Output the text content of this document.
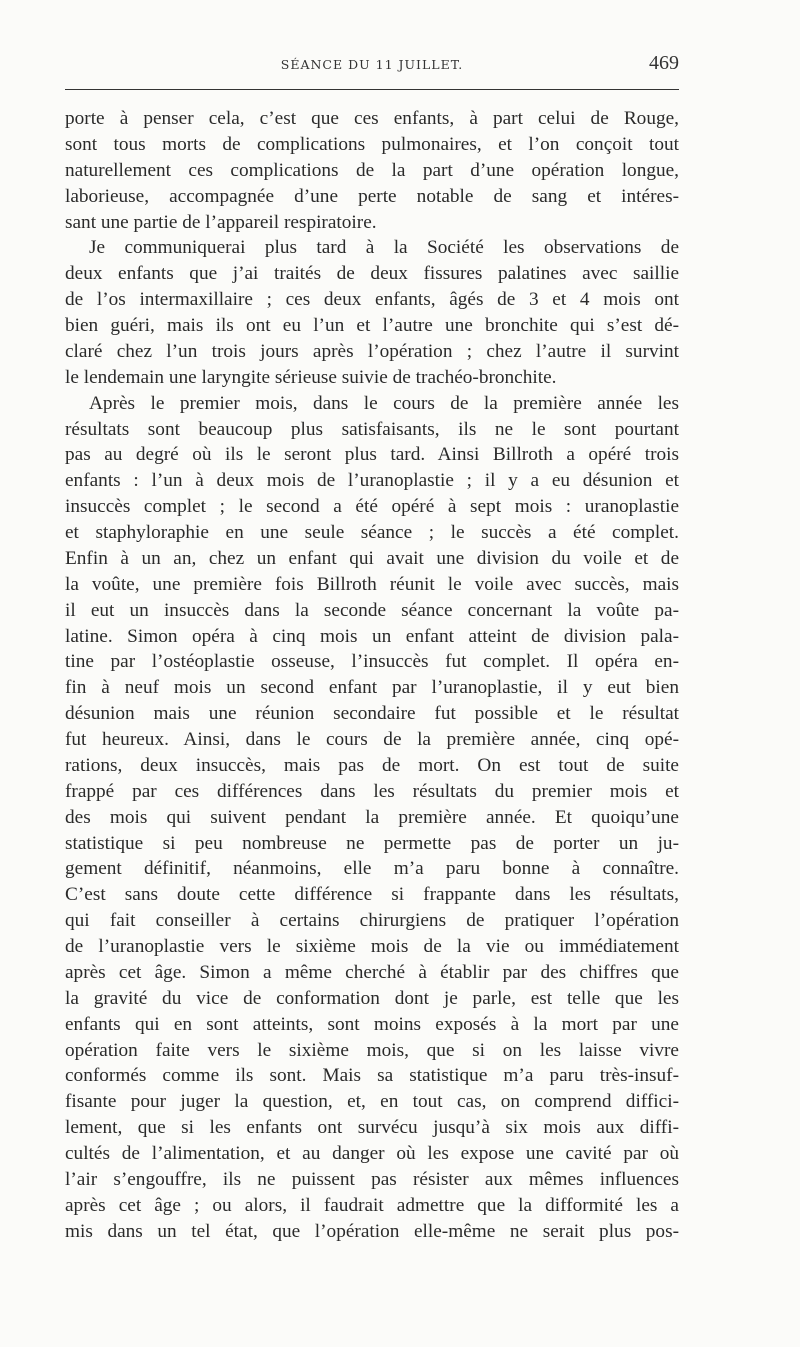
SÉANCE DU 11 JUILLET.	469
porte à penser cela, c’est que ces enfants, à part celui de Rouge,
sont tous morts de complications pulmonaires, et l’on conçoit tout
naturellement ces complications de la part d’une opération longue,
laborieuse, accompagnée d’une perte notable de sang et intéres-
sant une partie de l’appareil respiratoire.
Je communiquerai plus tard à la Société les observations de
deux enfants que j’ai traités de deux fissures palatines avec saillie
de l’os intermaxillaire ; ces deux enfants, âgés de 3 et 4 mois ont
bien guéri, mais ils ont eu l’un et l’autre une bronchite qui s’est dé-
claré chez l’un trois jours après l’opération ; chez l’autre il survint
le lendemain une laryngite sérieuse suivie de trachéo-bronchite.
Après le premier mois, dans le cours de la première année les
résultats sont beaucoup plus satisfaisants, ils ne le sont pourtant
pas au degré où ils le seront plus tard. Ainsi Billroth a opéré trois
enfants : l’un à deux mois de l’uranoplastie ; il y a eu désunion et
insuccès complet ; le second a été opéré à sept mois : uranoplastie
et staphyloraphie en une seule séance ; le succès a été complet.
Enfin à un an, chez un enfant qui avait une division du voile et de
la voûte, une première fois Billroth réunit le voile avec succès, mais
il eut un insuccès dans la seconde séance concernant la voûte pa-
latine. Simon opéra à cinq mois un enfant atteint de division pala-
tine par l’ostéoplastie osseuse, l’insuccès fut complet. Il opéra en-
fin à neuf mois un second enfant par l’uranoplastie, il y eut bien
désunion mais une réunion secondaire fut possible et le résultat
fut heureux. Ainsi, dans le cours de la première année, cinq opé-
rations, deux insuccès, mais pas de mort. On est tout de suite
frappé par ces différences dans les résultats du premier mois et
des mois qui suivent pendant la première année. Et quoiqu’une
statistique si peu nombreuse ne permette pas de porter un ju-
gement définitif, néanmoins, elle m’a paru bonne à connaître.
C’est sans doute cette différence si frappante dans les résultats,
qui fait conseiller à certains chirurgiens de pratiquer l’opération
de l’uranoplastie vers le sixième mois de la vie ou immédiatement
après cet âge. Simon a même cherché à établir par des chiffres que
la gravité du vice de conformation dont je parle, est telle que les
enfants qui en sont atteints, sont moins exposés à la mort par une
opération faite vers le sixième mois, que si on les laisse vivre
conformés comme ils sont. Mais sa statistique m’a paru très-insuf-
fisante pour juger la question, et, en tout cas, on comprend diffici-
lement, que si les enfants ont survécu jusqu’à six mois aux diffi-
cultés de l’alimentation, et au danger où les expose une cavité par où
l’air s’engouffre, ils ne puissent pas résister aux mêmes influences
après cet âge ; ou alors, il faudrait admettre que la difformité les a
mis dans un tel état, que l’opération elle-même ne serait plus pos-
